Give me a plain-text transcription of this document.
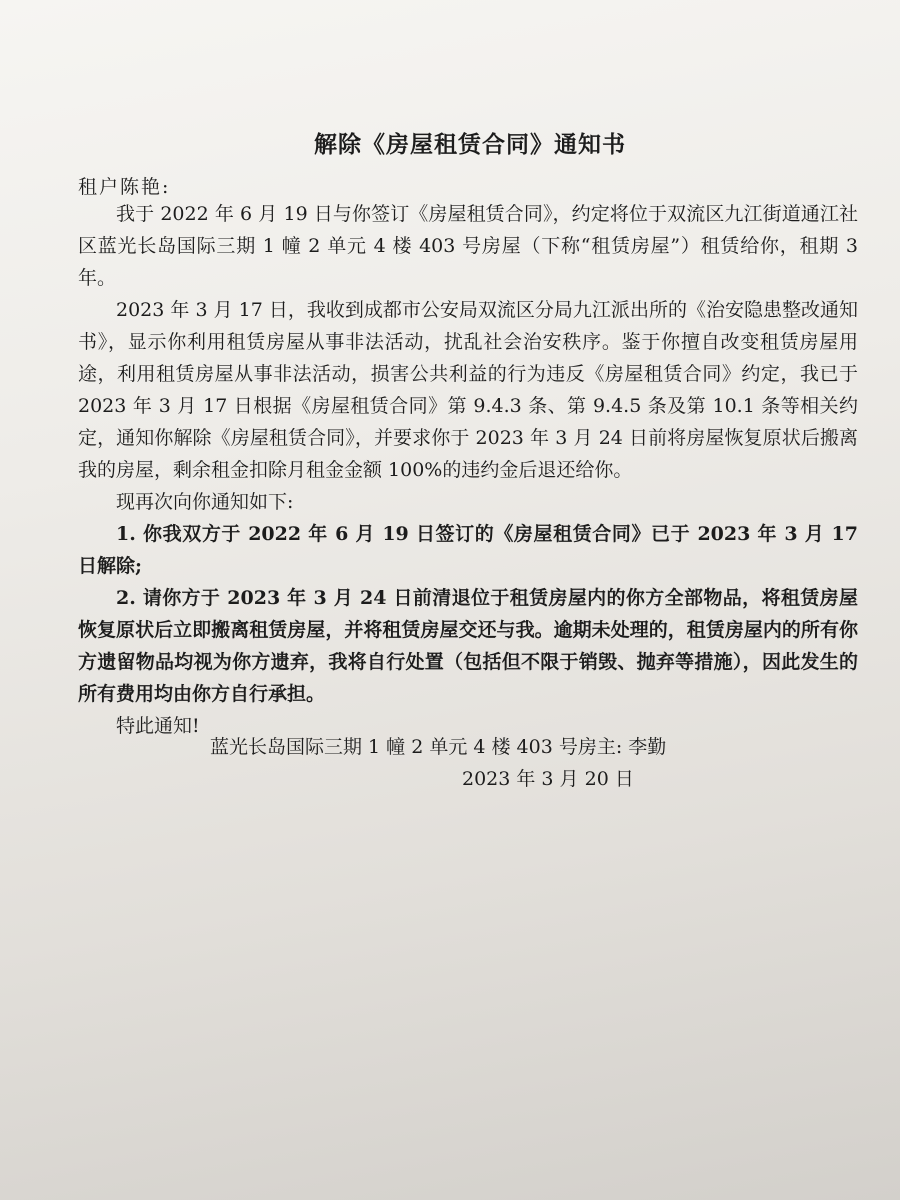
解除《房屋租赁合同》通知书
租户陈艳:

我于 2022 年 6 月 19 日与你签订《房屋租赁合同》，约定将位于双流区九江街道通江社区蓝光长岛国际三期 1 幢 2 单元 4 楼 403 号房屋（下称“租赁房屋”）租赁给你，租期 3 年。

2023 年 3 月 17 日，我收到成都市公安局双流区分局九江派出所的《治安隐患整改通知书》，显示你利用租赁房屋从事非法活动，扰乱社会治安秩序。鉴于你擅自改变租赁房屋用途，利用租赁房屋从事非法活动，损害公共利益的行为违反《房屋租赁合同》约定，我已于 2023 年 3 月 17 日根据《房屋租赁合同》第 9.4.3 条、第 9.4.5 条及第 10.1 条等相关约定，通知你解除《房屋租赁合同》，并要求你于 2023 年 3 月 24 日前将房屋恢复原状后搬离我的房屋，剩余租金扣除月租金金额 100%的违约金后退还给你。

现再次向你通知如下:

1. 你我双方于 2022 年 6 月 19 日签订的《房屋租赁合同》已于 2023 年 3 月 17 日解除;

2. 请你方于 2023 年 3 月 24 日前清退位于租赁房屋内的你方全部物品，将租赁房屋恢复原状后立即搬离租赁房屋，并将租赁房屋交还与我。逾期未处理的，租赁房屋内的所有你方遗留物品均视为你方遗弃，我将自行处置（包括但不限于销毁、抛弃等措施），因此发生的所有费用均由你方自行承担。

特此通知!

蓝光长岛国际三期 1 幢 2 单元 4 楼 403 号房主: 李勤
2023 年 3 月 20 日
